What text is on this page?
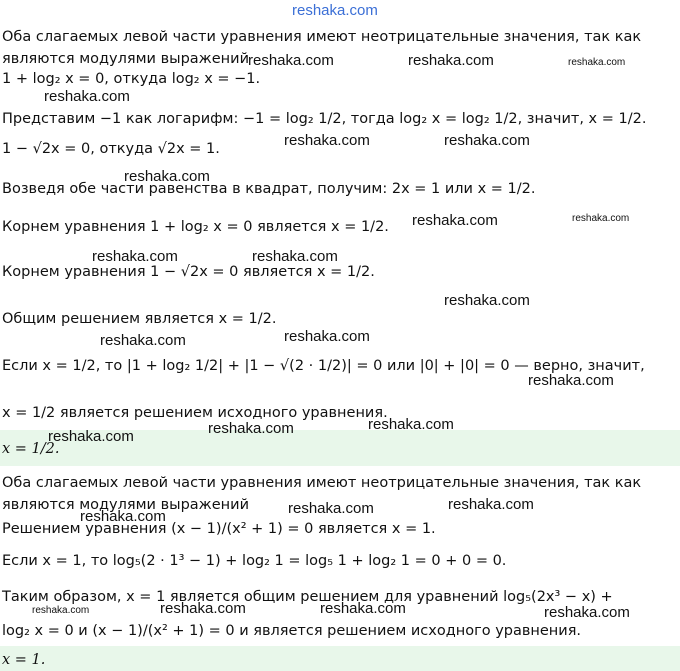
Оба слагаемых левой части уравнения имеют неотрицательные значения, так как
являются модулями выражений
1 + log₂ x = 0, откуда log₂ x = −1.
Представим −1 как логарифм: −1 = log₂ 1/2, тогда log₂ x = log₂ 1/2, значит, x = 1/2.
1 − √2x = 0, откуда √2x = 1.
Возведя обе части равенства в квадрат, получим: 2x = 1 или x = 1/2.
Корнем уравнения 1 + log₂ x = 0 является x = 1/2.
Корнем уравнения 1 − √2x = 0 является x = 1/2.
Общим решением является x = 1/2.
Если x = 1/2, то |1 + log₂ 1/2| + |1 − √(2 · 1/2)| = 0 или |0| + |0| = 0 — верно, значит,
x = 1/2 является решением исходного уравнения.
x = 1/2.
Оба слагаемых левой части уравнения имеют неотрицательные значения, так как
являются модулями выражений
Решением уравнения (x − 1)/(x² + 1) = 0 является x = 1.
Если x = 1, то log₅(2 · 1³ − 1) + log₂ 1 = log₅ 1 + log₂ 1 = 0 + 0 = 0.
Таким образом, x = 1 является общим решением для уравнений log₅(2x³ − x) +
log₂ x = 0 и (x − 1)/(x² + 1) = 0 и является решением исходного уравнения.
x = 1.
reshaka.com
reshaka.com	reshaka.com	reshaka.com
reshaka.com
reshaka.com	reshaka.com
reshaka.com
reshaka.com	reshaka.com
reshaka.com	reshaka.com
reshaka.com
reshaka.com	reshaka.com
reshaka.com
reshaka.com	reshaka.com
reshaka.com
reshaka.com	reshaka.com
reshaka.com
reshaka.com	reshaka.com	reshaka.com	reshaka.com
